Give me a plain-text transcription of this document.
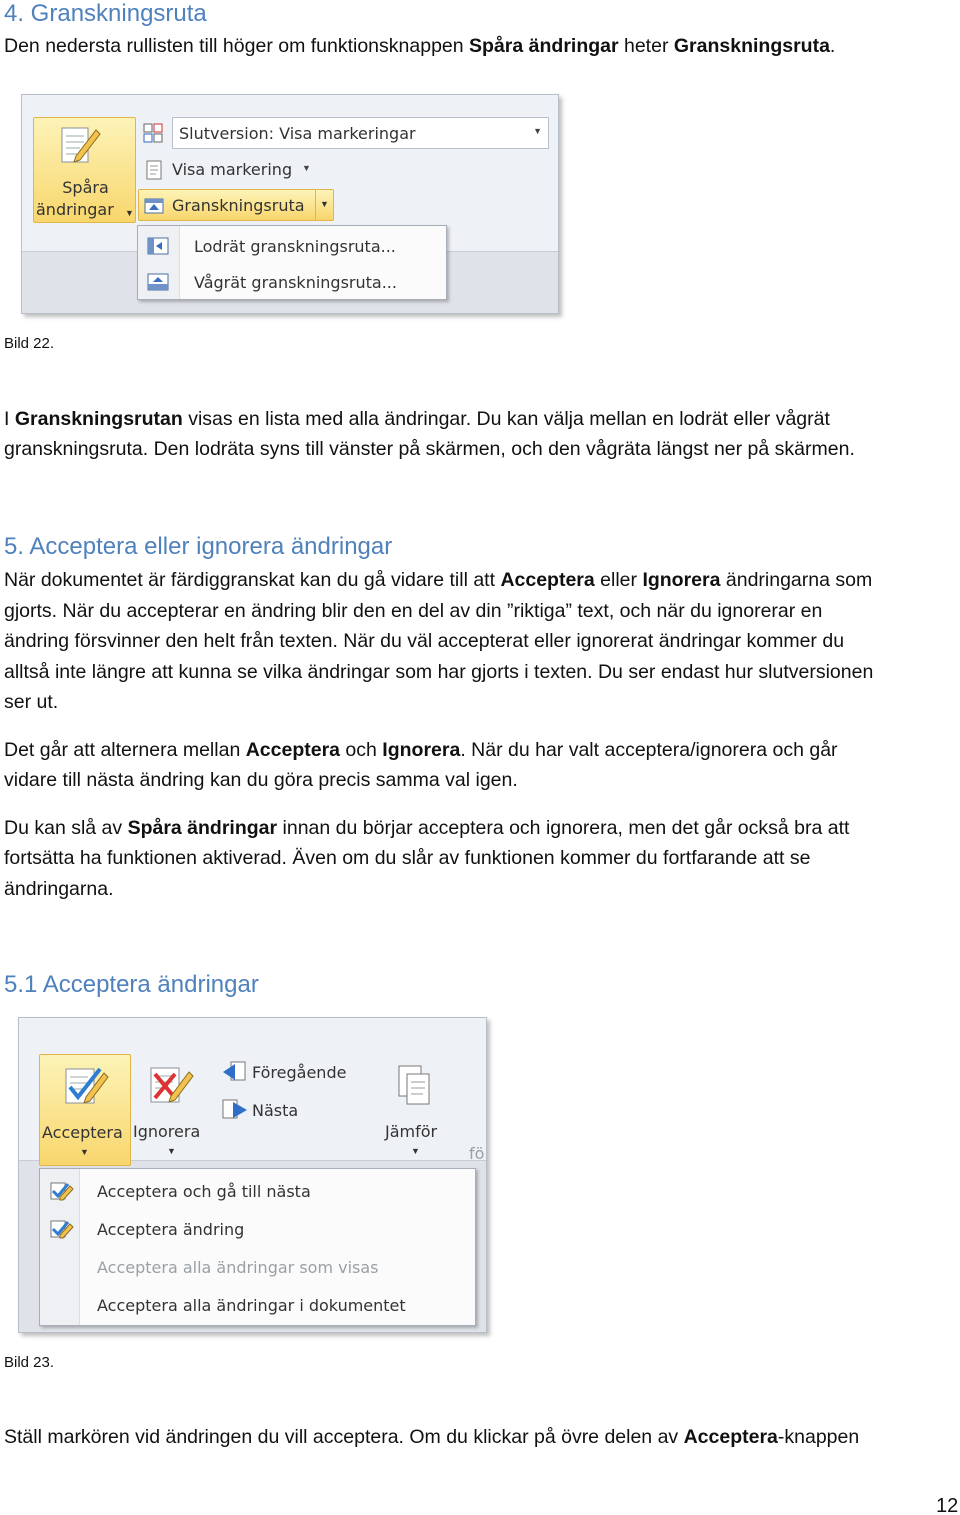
4. Granskningsruta
Den nedersta rullisten till höger om funktionsknappen Spåra ändringar heter Granskningsruta.
Spåra
ändringar ▼
Slutversion: Visa markeringar	▼
Visa markering ▼
Granskningsruta ▼
Lodrät granskningsruta...
Vågrät granskningsruta...
Bild 22.
I Granskningsrutan visas en lista med alla ändringar. Du kan välja mellan en lodrät eller vågrät
granskningsruta. Den lodräta syns till vänster på skärmen, och den vågräta längst ner på skärmen.
5. Acceptera eller ignorera ändringar
När dokumentet är färdiggranskat kan du gå vidare till att Acceptera eller Ignorera ändringarna som
gjorts. När du accepterar en ändring blir den en del av din ”riktiga” text, och när du ignorerar en
ändring försvinner den helt från texten. När du väl accepterat eller ignorerat ändringar kommer du
alltså inte längre att kunna se vilka ändringar som har gjorts i texten. Du ser endast hur slutversionen
ser ut.
Det går att alternera mellan Acceptera och Ignorera. När du har valt acceptera/ignorera och går
vidare till nästa ändring kan du göra precis samma val igen.
Du kan slå av Spåra ändringar innan du börjar acceptera och ignorera, men det går också bra att
fortsätta ha funktionen aktiverad. Även om du slår av funktionen kommer du fortfarande att se
ändringarna.
5.1 Acceptera ändringar
Acceptera
▼
Ignorera
▼
Föregående
Nästa
Jämför
▼	fö
Acceptera och gå till nästa
Acceptera ändring
Acceptera alla ändringar som visas
Acceptera alla ändringar i dokumentet
Bild 23.
Ställ markören vid ändringen du vill acceptera. Om du klickar på övre delen av Acceptera-knappen
12
